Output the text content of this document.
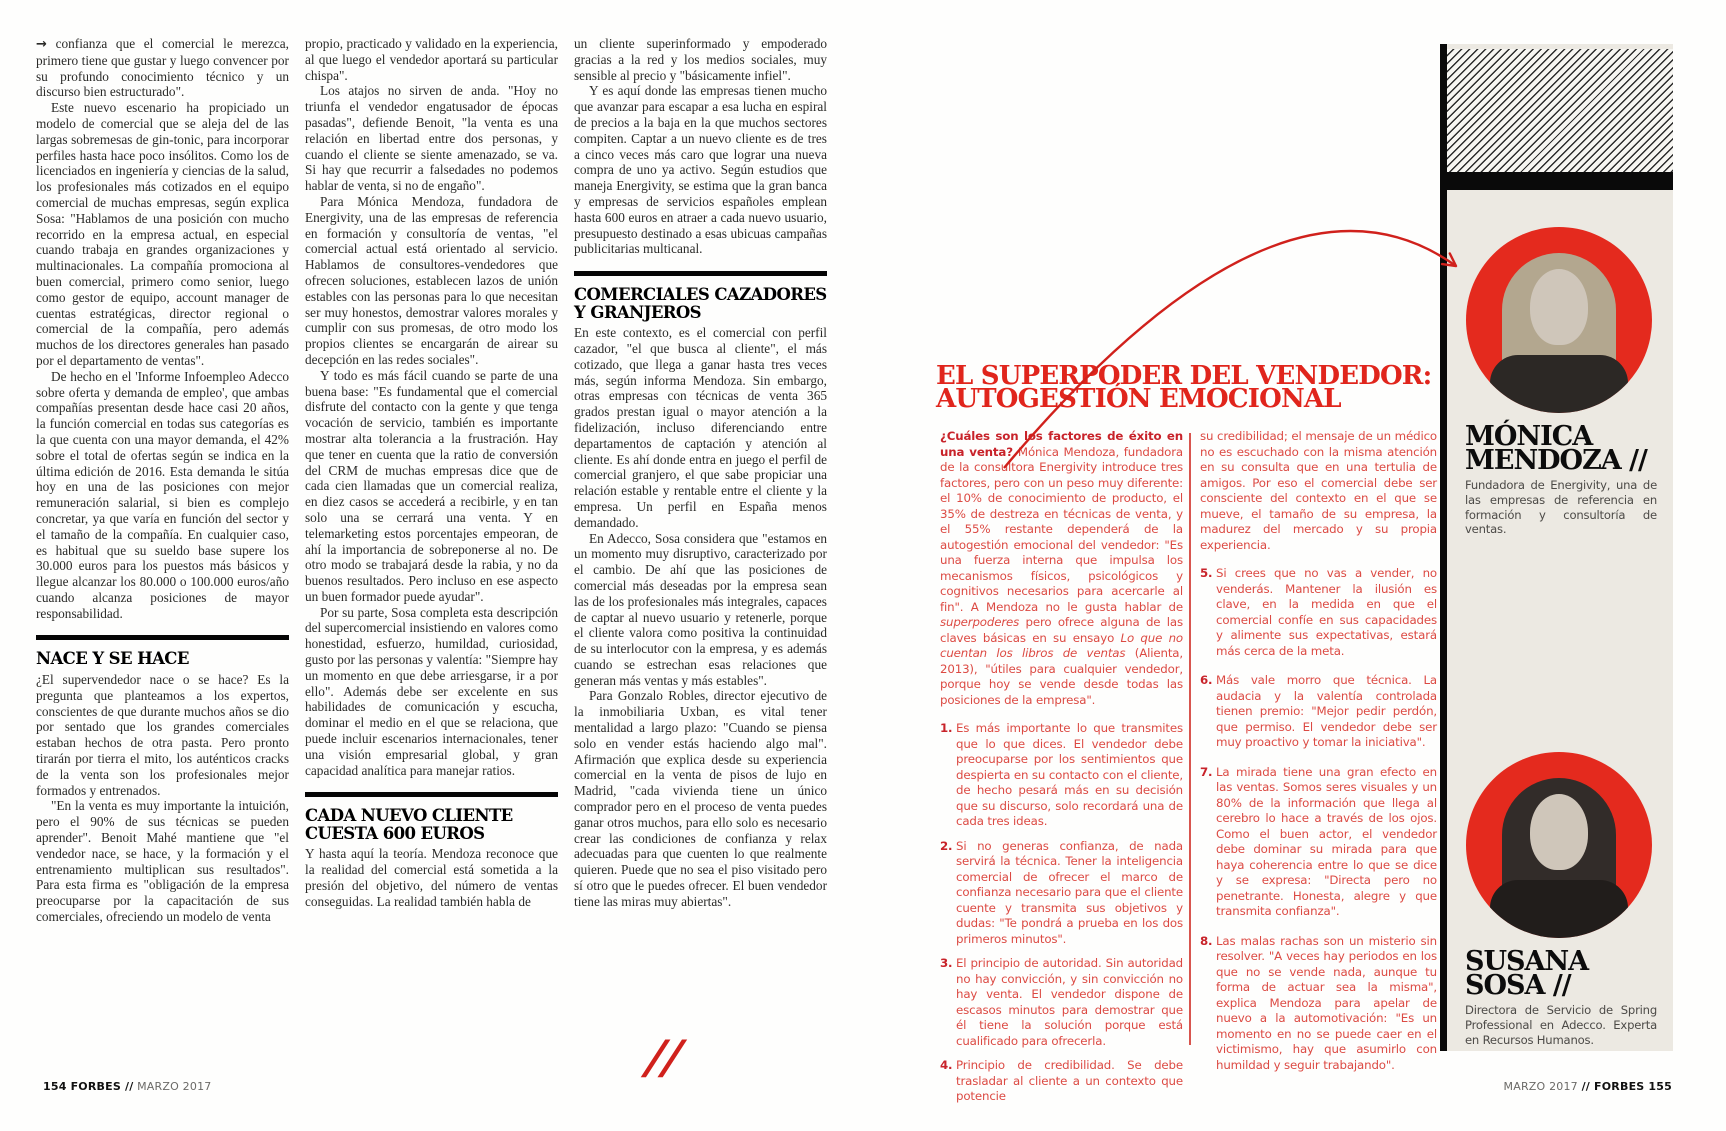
→ confianza que el comercial le merezca, primero tiene que gustar y luego convencer por su profundo conocimiento técnico y un discurso bien estructurado".

Este nuevo escenario ha propiciado un modelo de comercial que se aleja del de las largas sobremesas de gin-tonic, para incorporar perfiles hasta hace poco insólitos. Como los de licenciados en ingeniería y ciencias de la salud, los profesionales más cotizados en el equipo comercial de muchas empresas, según explica Sosa: "Hablamos de una posición con mucho recorrido en la empresa actual, en especial cuando trabaja en grandes organizaciones y multinacionales. La compañía promociona al buen comercial, primero como senior, luego como gestor de equipo, account manager de cuentas estratégicas, director regional o comercial de la compañía, pero además muchos de los directores generales han pasado por el departamento de ventas".

De hecho en el 'Informe Infoempleo Adecco sobre oferta y demanda de empleo', que ambas compañías presentan desde hace casi 20 años, la función comercial en todas sus categorías es la que cuenta con una mayor demanda, el 42% sobre el total de ofertas según se indica en la última edición de 2016. Esta demanda le sitúa hoy en una de las posiciones con mejor remuneración salarial, si bien es complejo concretar, ya que varía en función del sector y el tamaño de la compañía. En cualquier caso, es habitual que su sueldo base supere los 30.000 euros para los puestos más básicos y llegue alcanzar los 80.000 o 100.000 euros/año cuando alcanza posiciones de mayor responsabilidad.

NACE Y SE HACE

¿El supervendedor nace o se hace? Es la pregunta que planteamos a los expertos, conscientes de que durante muchos años se dio por sentado que los grandes comerciales estaban hechos de otra pasta. Pero pronto tirarán por tierra el mito, los auténticos cracks de la venta son los profesionales mejor formados y entrenados.

"En la venta es muy importante la intuición, pero el 90% de sus técnicas se pueden aprender". Benoit Mahé mantiene que "el vendedor nace, se hace, y la formación y el entrenamiento multiplican sus resultados". Para esta firma es "obligación de la empresa preocuparse por la capacitación de sus comerciales, ofreciendo un modelo de venta

propio, practicado y validado en la experiencia, al que luego el vendedor aportará su particular chispa".

Los atajos no sirven de anda. "Hoy no triunfa el vendedor engatusador de épocas pasadas", defiende Benoit, "la venta es una relación en libertad entre dos personas, y cuando el cliente se siente amenazado, se va. Si hay que recurrir a falsedades no podemos hablar de venta, si no de engaño".

Para Mónica Mendoza, fundadora de Energivity, una de las empresas de referencia en formación y consultoría de ventas, "el comercial actual está orientado al servicio. Hablamos de consultores-vendedores que ofrecen soluciones, establecen lazos de unión estables con las personas para lo que necesitan ser muy honestos, demostrar valores morales y cumplir con sus promesas, de otro modo los propios clientes se encargarán de airear su decepción en las redes sociales".

Y todo es más fácil cuando se parte de una buena base: "Es fundamental que el comercial disfrute del contacto con la gente y que tenga vocación de servicio, también es importante mostrar alta tolerancia a la frustración. Hay que tener en cuenta que la ratio de conversión del CRM de muchas empresas dice que de cada cien llamadas que un comercial realiza, en diez casos se accederá a recibirle, y en tan solo una se cerrará una venta. Y en telemarketing estos porcentajes empeoran, de ahí la importancia de sobreponerse al no. De otro modo se trabajará desde la rabia, y no da buenos resultados. Pero incluso en ese aspecto un buen formador puede ayudar".

Por su parte, Sosa completa esta descripción del supercomercial insistiendo en valores como honestidad, esfuerzo, humildad, curiosidad, gusto por las personas y valentía: "Siempre hay un momento en que debe arriesgarse, ir a por ello". Además debe ser excelente en sus habilidades de comunicación y escucha, dominar el medio en el que se relaciona, que puede incluir escenarios internacionales, tener una visión empresarial global, y gran capacidad analítica para manejar ratios.

CADA NUEVO CLIENTE CUESTA 600 EUROS

Y hasta aquí la teoría. Mendoza reconoce que la realidad del comercial está sometida a la presión del objetivo, del número de ventas conseguidas. La realidad también habla de

un cliente superinformado y empoderado gracias a la red y los medios sociales, muy sensible al precio y "básicamente infiel".

Y es aquí donde las empresas tienen mucho que avanzar para escapar a esa lucha en espiral de precios a la baja en la que muchos sectores compiten. Captar a un nuevo cliente es de tres a cinco veces más caro que lograr una nueva compra de uno ya activo. Según estudios que maneja Energivity, se estima que la gran banca y empresas de servicios españoles emplean hasta 600 euros en atraer a cada nuevo usuario, presupuesto destinado a esas ubicuas campañas publicitarias multicanal.

COMERCIALES CAZADORES Y GRANJEROS

En este contexto, es el comercial con perfil cazador, "el que busca al cliente", el más cotizado, que llega a ganar hasta tres veces más, según informa Mendoza. Sin embargo, otras empresas con técnicas de venta 365 grados prestan igual o mayor atención a la fidelización, incluso diferenciando entre departamentos de captación y atención al cliente. Es ahí donde entra en juego el perfil de comercial granjero, el que sabe propiciar una relación estable y rentable entre el cliente y la empresa. Un perfil en España menos demandado.

En Adecco, Sosa considera que "estamos en un momento muy disruptivo, caracterizado por el cambio. De ahí que las posiciones de comercial más deseadas por la empresa sean las de los profesionales más integrales, capaces de captar al nuevo usuario y retenerle, porque el cliente valora como positiva la continuidad de su interlocutor con la empresa, y es además cuando se estrechan esas relaciones que generan más ventas y más estables".

Para Gonzalo Robles, director ejecutivo de la inmobiliaria Uxban, es vital tener mentalidad a largo plazo: "Cuando se piensa solo en vender estás haciendo algo mal". Afirmación que explica desde su experiencia comercial en la venta de pisos de lujo en Madrid, "cada vivienda tiene un único comprador pero en el proceso de venta puedes ganar otros muchos, para ello solo es necesario crear las condiciones de confianza y relax adecuadas para que cuenten lo que realmente quieren. Puede que no sea el piso visitado pero sí otro que le puedes ofrecer. El buen vendedor tiene las miras muy abiertas".

//
EL SUPERPODER DEL VENDEDOR:
AUTOGESTIÓN EMOCIONAL

¿Cuáles son los factores de éxito en una venta? Mónica Mendoza, fundadora de la consultora Energivity introduce tres factores, pero con un peso muy diferente: el 10% de conocimiento de producto, el 35% de destreza en técnicas de venta, y el 55% restante dependerá de la autogestión emocional del vendedor: "Es una fuerza interna que impulsa los mecanismos físicos, psicológicos y cognitivos necesarios para acercarle al fin". A Mendoza no le gusta hablar de superpoderes pero ofrece alguna de las claves básicas en su ensayo Lo que no cuentan los libros de ventas (Alienta, 2013), "útiles para cualquier vendedor, porque hoy se vende desde todas las posiciones de la empresa".

1. Es más importante lo que transmites que lo que dices. El vendedor debe preocuparse por los sentimientos que despierta en su contacto con el cliente, de hecho pesará más en su decisión que su discurso, solo recordará una de cada tres ideas.
2. Si no generas confianza, de nada servirá la técnica. Tener la inteligencia comercial de ofrecer el marco de confianza necesario para que el cliente cuente y transmita sus objetivos y dudas: "Te pondrá a prueba en los dos primeros minutos".
3. El principio de autoridad. Sin autoridad no hay convicción, y sin convicción no hay venta. El vendedor dispone de escasos minutos para demostrar que él tiene la solución porque está cualificado para ofrecerla.
4. Principio de credibilidad. Se debe trasladar al cliente a un contexto que potencie

su credibilidad; el mensaje de un médico no es escuchado con la misma atención en su consulta que en una tertulia de amigos. Por eso el comercial debe ser consciente del contexto en el que se mueve, el tamaño de su empresa, la madurez del mercado y su propia experiencia.

5. Si crees que no vas a vender, no venderás. Mantener la ilusión es clave, en la medida en que el comercial confíe en sus capacidades y alimente sus expectativas, estará más cerca de la meta.
6. Más vale morro que técnica. La audacia y la valentía controlada tienen premio: "Mejor pedir perdón, que permiso. El vendedor debe ser muy proactivo y tomar la iniciativa".
7. La mirada tiene una gran efecto en las ventas. Somos seres visuales y un 80% de la información que llega al cerebro lo hace a través de los ojos. Como el buen actor, el vendedor debe dominar su mirada para que haya coherencia entre lo que se dice y se expresa: "Directa pero no penetrante. Honesta, alegre y que transmita confianza".
8. Las malas rachas son un misterio sin resolver. "A veces hay periodos en los que no se vende nada, aunque tu forma de actuar sea la misma", explica Mendoza para apelar de nuevo a la automotivación: "Es un momento en no se puede caer en el victimismo, hay que asumirlo con humildad y seguir trabajando".
MÓNICA
MENDOZA //

Fundadora de Energivity, una de las empresas de referencia en formación y consultoría de ventas.

SUSANA
SOSA //

Directora de Servicio de Spring Professional en Adecco. Experta en Recursos Humanos.

154 FORBES // MARZO 2017	MARZO 2017 // FORBES 155
